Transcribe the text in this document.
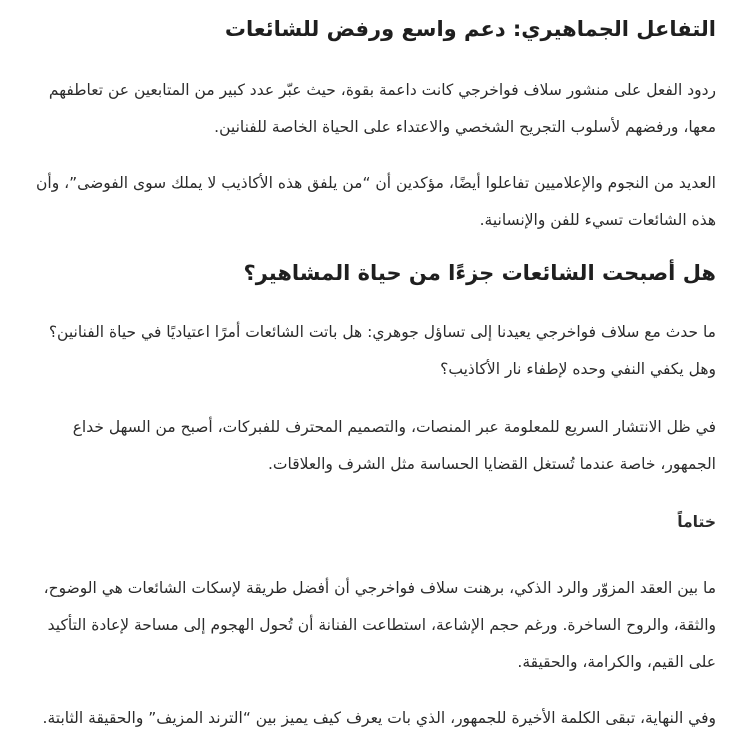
التفاعل الجماهيري: دعم واسع ورفض للشائعات

ردود الفعل على منشور سلاف فواخرجي كانت داعمة بقوة، حيث عبّر عدد كبير من المتابعين عن تعاطفهم معها، ورفضهم لأسلوب التجريح الشخصي والاعتداء على الحياة الخاصة للفنانين.

العديد من النجوم والإعلاميين تفاعلوا أيضًا، مؤكدين أن “من يلفق هذه الأكاذيب لا يملك سوى الفوضى”، وأن هذه الشائعات تسيء للفن والإنسانية.

هل أصبحت الشائعات جزءًا من حياة المشاهير؟

ما حدث مع سلاف فواخرجي يعيدنا إلى تساؤل جوهري: هل باتت الشائعات أمرًا اعتياديًا في حياة الفنانين؟ وهل يكفي النفي وحده لإطفاء نار الأكاذيب؟

في ظل الانتشار السريع للمعلومة عبر المنصات، والتصميم المحترف للفبركات، أصبح من السهل خداع الجمهور، خاصة عندما تُستغل القضايا الحساسة مثل الشرف والعلاقات.

ختاماً

ما بين العقد المزوّر والرد الذكي، برهنت سلاف فواخرجي أن أفضل طريقة لإسكات الشائعات هي الوضوح، والثقة، والروح الساخرة. ورغم حجم الإشاعة، استطاعت الفنانة أن تُحول الهجوم إلى مساحة لإعادة التأكيد على القيم، والكرامة، والحقيقة.

وفي النهاية، تبقى الكلمة الأخيرة للجمهور، الذي بات يعرف كيف يميز بين “الترند المزيف” والحقيقة الثابتة.
